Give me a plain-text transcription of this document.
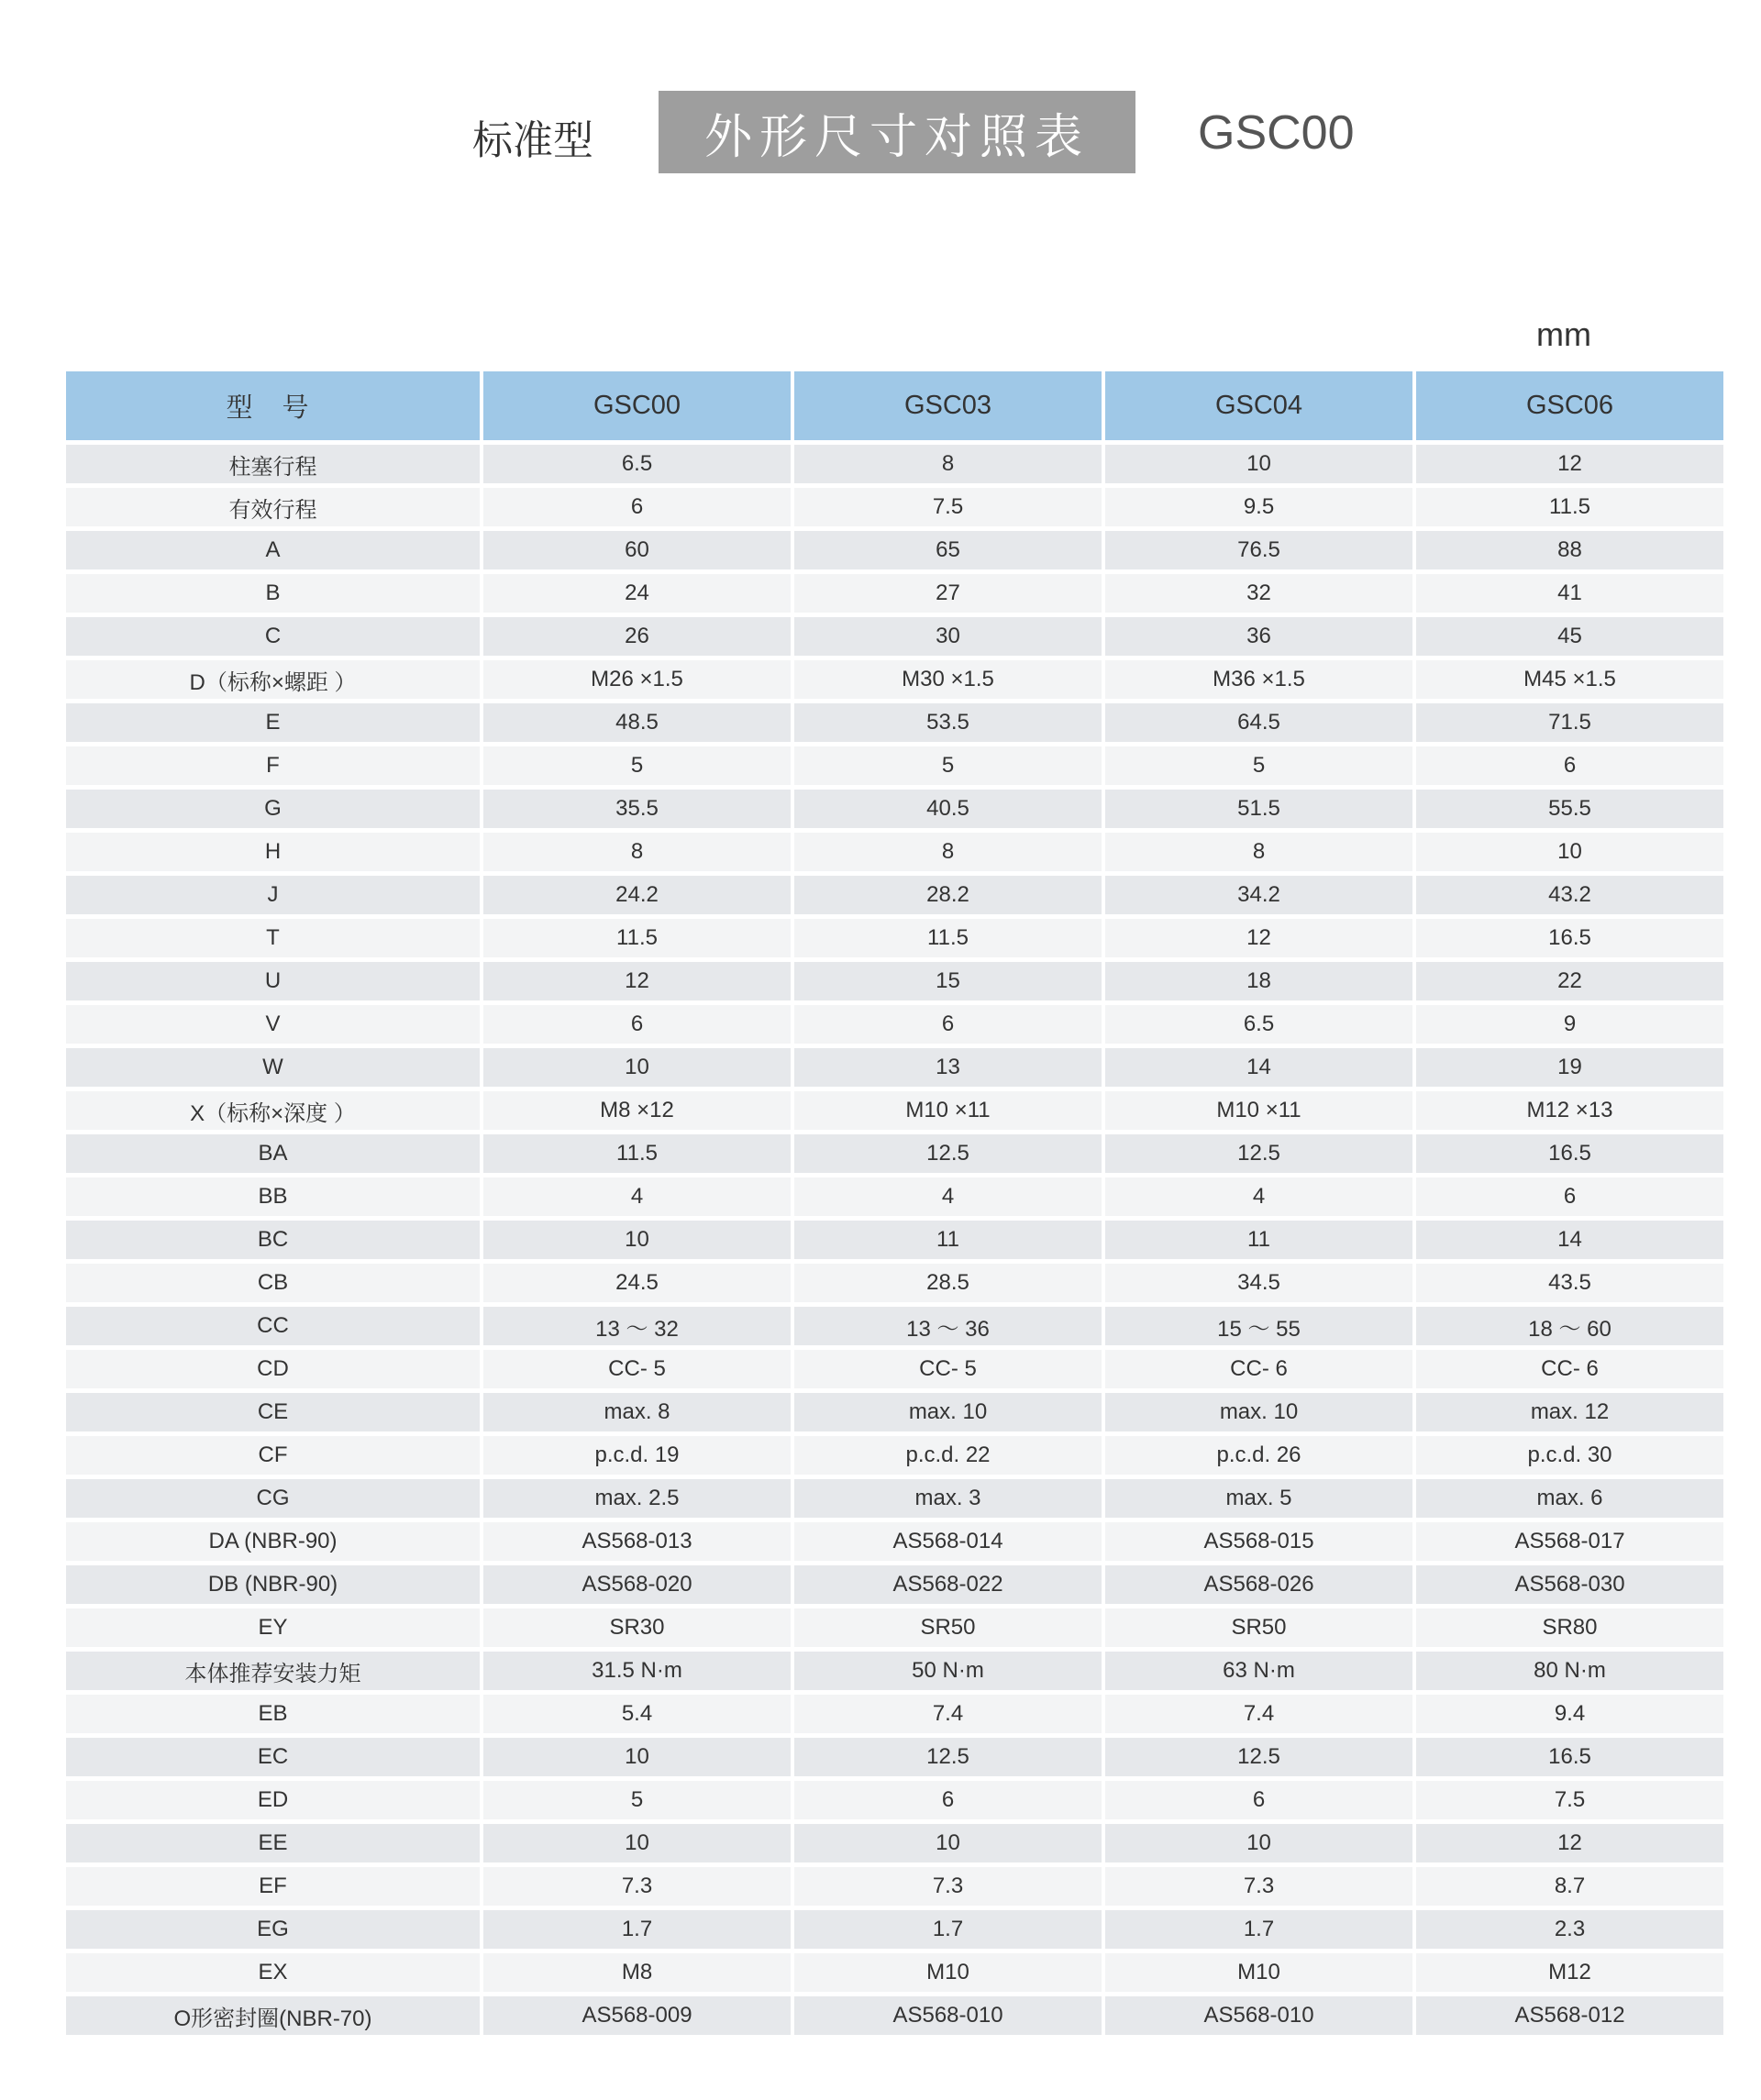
标准型	外形尺寸对照表	GSC00
mm
型 号	GSC00	GSC03	GSC04	GSC06
柱塞行程	6.5	8	10	12
有效行程	6	7.5	9.5	11.5
A	60	65	76.5	88
B	24	27	32	41
C	26	30	36	45
D（标称×螺距 ）	M26 ×1.5	M30 ×1.5	M36 ×1.5	M45 ×1.5
E	48.5	53.5	64.5	71.5
F	5	5	5	6
G	35.5	40.5	51.5	55.5
H	8	8	8	10
J	24.2	28.2	34.2	43.2
T	11.5	11.5	12	16.5
U	12	15	18	22
V	6	6	6.5	9
W	10	13	14	19
X（标称×深度 ）	M8 ×12	M10 ×11	M10 ×11	M12 ×13
BA	11.5	12.5	12.5	16.5
BB	4	4	4	6
BC	10	11	11	14
CB	24.5	28.5	34.5	43.5
CC	13 ～ 32	13 ～ 36	15 ～ 55	18 ～ 60
CD	CC- 5	CC- 5	CC- 6	CC- 6
CE	max. 8	max. 10	max. 10	max. 12
CF	p.c.d. 19	p.c.d. 22	p.c.d. 26	p.c.d. 30
CG	max. 2.5	max. 3	max. 5	max. 6
DA (NBR-90)	AS568-013	AS568-014	AS568-015	AS568-017
DB (NBR-90)	AS568-020	AS568-022	AS568-026	AS568-030
EY	SR30	SR50	SR50	SR80
本体推荐安装力矩	31.5 N·m	50 N·m	63 N·m	80 N·m
EB	5.4	7.4	7.4	9.4
EC	10	12.5	12.5	16.5
ED	5	6	6	7.5
EE	10	10	10	12
EF	7.3	7.3	7.3	8.7
EG	1.7	1.7	1.7	2.3
EX	M8	M10	M10	M12
O形密封圈(NBR-70)	AS568-009	AS568-010	AS568-010	AS568-012
